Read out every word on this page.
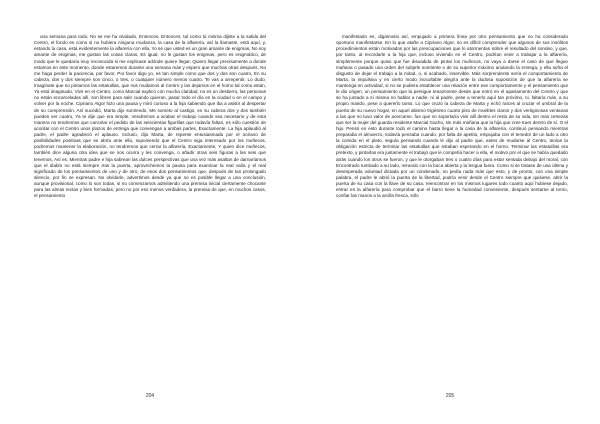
una semana para todo, No se me ha olvidado, Entonces, Entonces, tal como tú misma dijiste a la salida del Centro, el fondo es como si no hubiera ninguna mudanza, la casa de la alfarería, así la llamaste, está aquí, y, estando la casa, está evidentemente la alfarería con ella, Yo sé que usted es un gran amante de enigmas, No soy amante de enigmas, me gustan las cosas claras, Es igual, no le gustan los enigmas, pero es enigmático, de modo que le quedaría muy reconocida si me explicase adónde quiere llegar, Quiero llegar precisamente a donde estamos en este momento, donde estaremos durante una semana más y espero que muchas otras después, No me haga perder la paciencia, por favor, Por favor digo yo, es tan simple como que dos y dos son cuatro, En su cabeza, dos y dos siempre son cinco, o tres, o cualquier número menos cuatro, Te vas a arrepentir, Lo dudo, Imagínate que no pintamos las estatuillas, que nos mudamos al Centro y las dejamos en el horno tal como están, Ya está imaginado, Vivir en el Centro, como Marcial explicó con mucha claridad, no es un destierro, las personas no están encarceladas allí, son libres para salir cuando quieran, pasar todo el día en la ciudad o en el campo y volver por la noche. Cipriano Algor hizo una pausa y miró curioso a la hija sabiendo que iba a asistir al despertar de su comprensión. Así sucedió, Marta dijo sonriendo, Me someto al castigo, en su cabeza dos y dos también pueden ser cuatro, Ya te dije que era simple, Vendremos a acabar el trabajo cuando sea necesario y de esta manera no tendremos que cancelar el pedido de las seiscientas figurillas que todavía faltan, es sólo cuestión de acordar con el Centro unos plazos de entrega que convengan a ambas partes, Exactamente. La hija aplaudió al padre, el padre agradeció el aplauso. Incluso, dijo Marta, de repente entusiasmada por el océano de posibilidades positivas que se abría ante ella, suponiendo que el Centro siga interesado por los muñecos, podremos mantener la elaboración, no tendremos que cerrar la alfarería, Exactamente, Y quien dice muñecos, también dice alguna otra idea que se nos ocurra y les convenga, o añadir otras seis figuras a las seis que tenemos, Así es. Mientras padre e hija sabrean las dulces perspectivas que una vez más asaltan de darnaríamos que el diablo no está siempre tras la puerta, aprovechemos la pausa para examinar la real valía y el real significado de los pensamientos de uno y de otro, de esos dos pensamientos que, después de tan prolongado silencio, por fin se expresan. No olvidarle, advertimos desde ya que no es posible llegar a una conclusión, aunque provisional, como lo son todas, si no comenzamos admitiendo una premisa inicial ciertamente chocante para las almas rectas y bien formadas, pero no por eso menos verdadera, la premisa de que, en muchos casos, el pensamiento

204

manifestado es, digámoslo así, empujado a primera línea por otro pensamiento que no ha considerado oportuno manifestarse. En lo que atañe a Cipriano Algor, no es difícil comprender que algunos de sus insólitos procedimientos están motivados por las preocupaciones que lo atormentan sobre el resultado del sondeo, y que, por tanto, al recordarle a la hija que, incluso viviendo en el Centro, podrían venir a trabajar a la alfarería, simplemente porque quiso que fue disuadida de pintar los muñecos, no vaya a darse el caso de que llegue mañana o pasado una orden del subjefe sonriente o de su superior máximo anulando la entrega, y ella sufra el disgusto de dejar el trabajo a la mitad, o, si acabado, inservible. Más sorprendente sería el comportamiento de Marta, la impulsiva y en cierto modo inocultable alegría ante la dudosa suposición de que la alfarería se mantenga en actividad, si no se pudiera establecer una relación entre ese comportamiento y el pensamiento que le dio origen, un pensamiento que la persigue tenazmente desde que entró en el apartamento del Centro y que se ha juntado a sí misma no hablar a nadie, ni al padre, pese a tenerlo aquí tan próximo, ni, faltaría más, a su propio marido, pese a quererlo tanto. Lo que cruzó la cabeza de Marta y echó raíces al cruzar el umbral de la puerta de su nuevo hogar, en aquel abismo trigésimo cuarto piso de muebles claros y dos vertiginosas ventanas a las que no tuvo valor de acercarse, fue que no soportaría vivir allí dentro el resto de su vida, sin más certezas que ser la mujer del guarda residente Marcial Gacho, sin más mañana que la hija que cree traer dentro de sí. O el hijo. Pensó en esto durante todo el camino hasta llegar a la casa de la alfarería, continuó pensando mientras preparaba el almuerzo, todavía pensaba cuando, por falta de apetito, empujaba con el tenedor de un lado a otro la comida en el plato, seguía pensando cuando le dijo al padre que, antes de mudarse al Centro, tenían la obligación estricta de terminar las estatuillas que estaban esperando en el horno. Terminar las estatuillas era pretexto, y pintarlas era justamente el trabajo que le competía hacer a ella, el motivo por el que se había quedado atrás cuando los otros se fueron, y que le otorgaban tres o cuatro días para estar sentada debajo del moral, con Encontrado tumbado a su lado, mirando con la boca abierta y la lengua fuera. Como si se tratase de una última y desesperada voluntad dictada por un condenado, no pedía nada más que esto, y de pronto, con una simple palabra, el padre le abrió la puerta de la libertad, podría venir desde el Centro siempre que quisiese, abrir la puerta de su casa con la llave de su casa, reencontrar en los mismos lugares todo cuanto aquí hubiese dejado, entrar en la alfarería para comprobar que el barro tiene la humedad conveniente, después sentarse al torno, confiar las manos a la arcilla fresca, sólo

205
